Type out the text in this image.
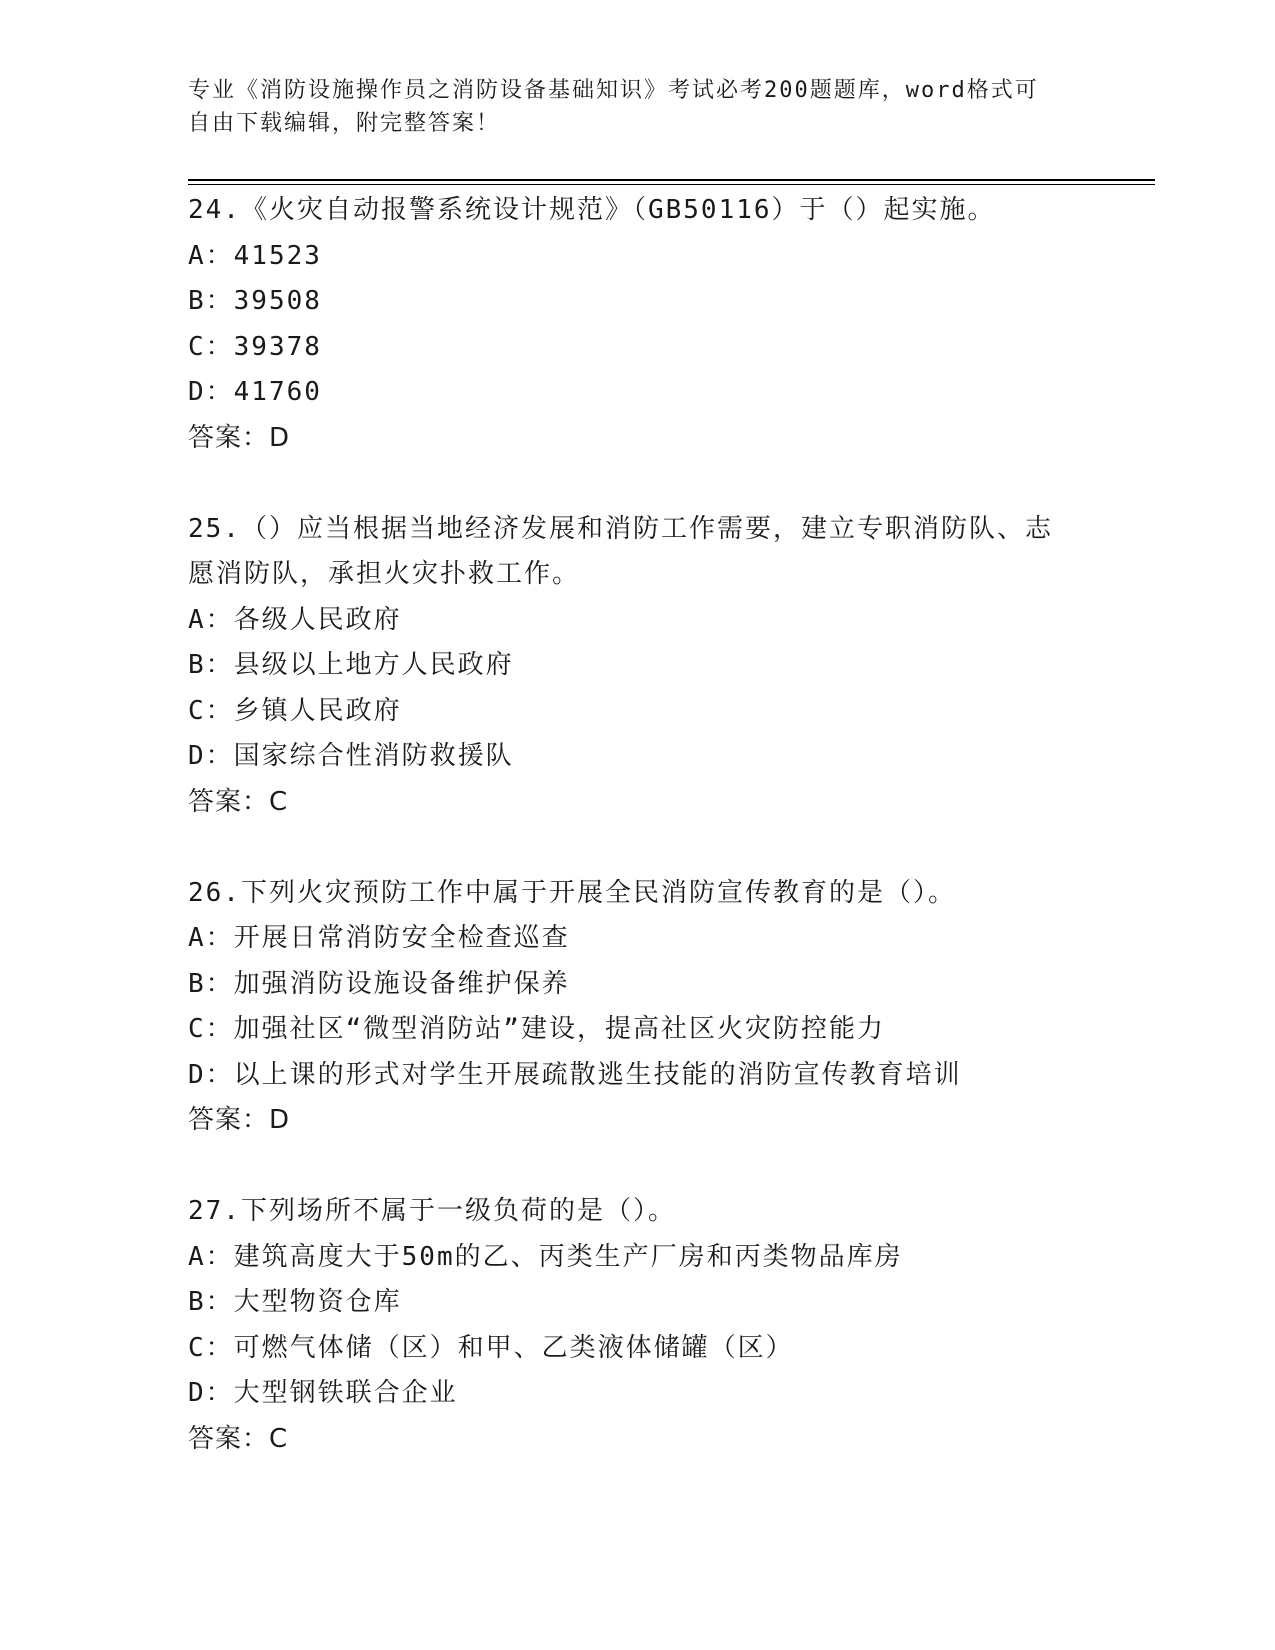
专业《消防设施操作员之消防设备基础知识》考试必考200题题库，word格式可
自由下载编辑，附完整答案！
24.《火灾自动报警系统设计规范》（GB50116）于（）起实施。
A：41523
B：39508
C：39378
D：41760
答案：D
25.（）应当根据当地经济发展和消防工作需要，建立专职消防队、志
愿消防队，承担火灾扑救工作。
A：各级人民政府
B：县级以上地方人民政府
C：乡镇人民政府
D：国家综合性消防救援队
答案：C
26.下列火灾预防工作中属于开展全民消防宣传教育的是（）。
A：开展日常消防安全检查巡查
B：加强消防设施设备维护保养
C：加强社区“微型消防站”建设，提高社区火灾防控能力
D：以上课的形式对学生开展疏散逃生技能的消防宣传教育培训
答案：D
27.下列场所不属于一级负荷的是（）。
A：建筑高度大于50m的乙、丙类生产厂房和丙类物品库房
B：大型物资仓库
C：可燃气体储（区）和甲、乙类液体储罐（区）
D：大型钢铁联合企业
答案：C
